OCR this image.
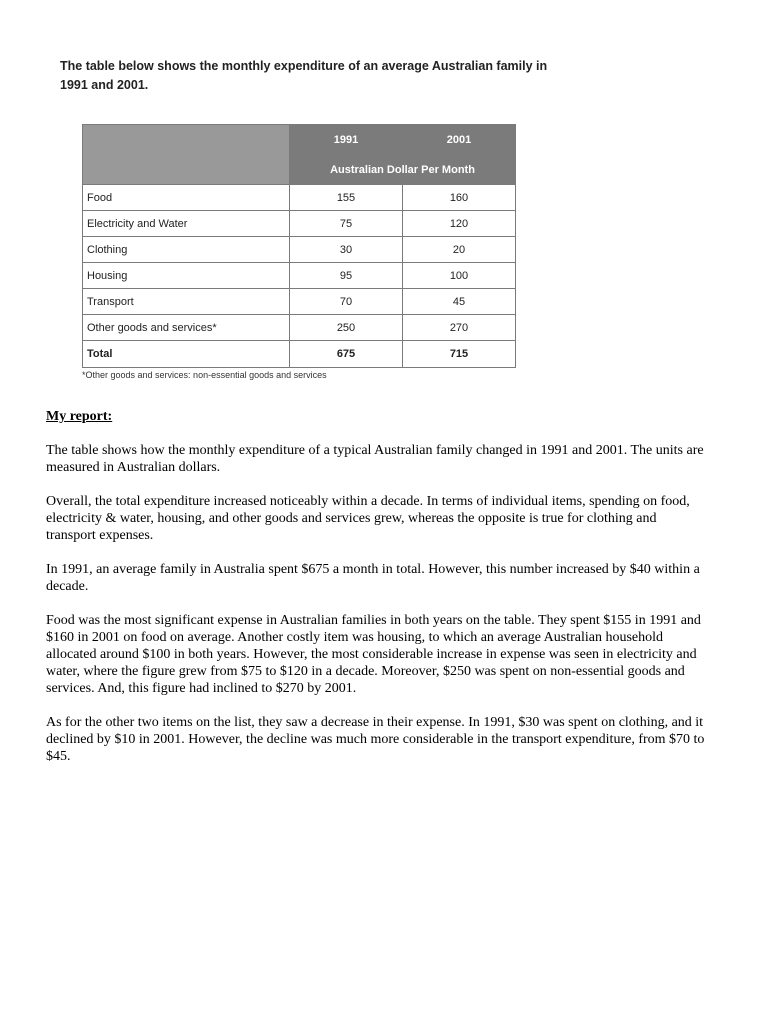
The table below shows the monthly expenditure of an average Australian family in
1991 and 2001.
	1991	2001
	Australian Dollar Per Month	
Food	155	160
Electricity and Water	75	120
Clothing	30	20
Housing	95	100
Transport	70	45
Other goods and services*	250	270
Total	675	715
*Other goods and services: non-essential goods and services
My report:

The table shows how the monthly expenditure of a typical Australian family changed in 1991 and 2001. The units are measured in Australian dollars.

Overall, the total expenditure increased noticeably within a decade. In terms of individual items, spending on food, electricity & water, housing, and other goods and services grew, whereas the opposite is true for clothing and transport expenses.

In 1991, an average family in Australia spent $675 a month in total. However, this number increased by $40 within a decade.

Food was the most significant expense in Australian families in both years on the table. They spent $155 in 1991 and $160 in 2001 on food on average. Another costly item was housing, to which an average Australian household allocated around $100 in both years. However, the most considerable increase in expense was seen in electricity and water, where the figure grew from $75 to $120 in a decade. Moreover, $250 was spent on non-essential goods and services. And, this figure had inclined to $270 by 2001.

As for the other two items on the list, they saw a decrease in their expense. In 1991, $30 was spent on clothing, and it declined by $10 in 2001. However, the decline was much more considerable in the transport expenditure, from $70 to $45.
